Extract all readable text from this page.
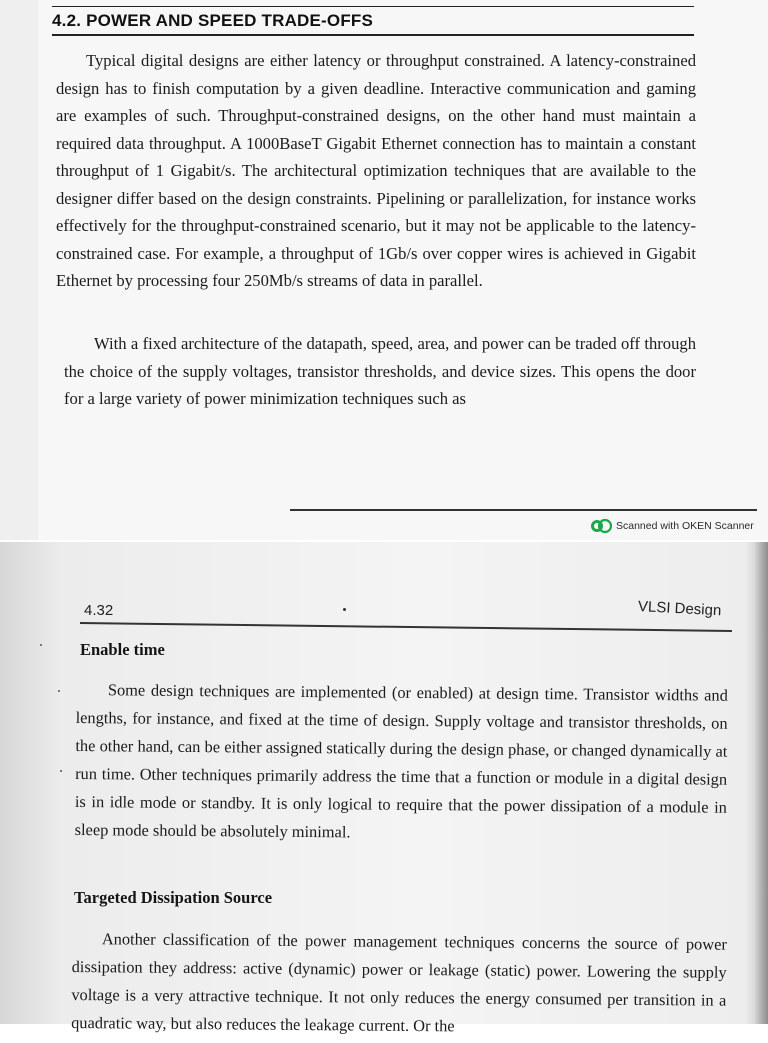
4.2. POWER AND SPEED TRADE-OFFS

Typical digital designs are either latency or throughput constrained. A latency-constrained design has to finish computation by a given deadline. Interactive communication and gaming are examples of such. Throughput-constrained designs, on the other hand must maintain a required data throughput. A 1000BaseT Gigabit Ethernet connection has to maintain a constant throughput of 1 Gigabit/s. The architectural optimization techniques that are available to the designer differ based on the design constraints. Pipelining or parallelization, for instance works effectively for the throughput-constrained scenario, but it may not be applicable to the latency-constrained case. For example, a throughput of 1Gb/s over copper wires is achieved in Gigabit Ethernet by processing four 250Mb/s streams of data in parallel.

With a fixed architecture of the datapath, speed, area, and power can be traded off through the choice of the supply voltages, transistor thresholds, and device sizes. This opens the door for a large variety of power minimization techniques such as

Scanned with OKEN Scanner
4.32	VLSI Design
Enable time

Some design techniques are implemented (or enabled) at design time. Transistor widths and lengths, for instance, and fixed at the time of design. Supply voltage and transistor thresholds, on the other hand, can be either assigned statically during the design phase, or changed dynamically at run time. Other techniques primarily address the time that a function or module in a digital design is in idle mode or standby. It is only logical to require that the power dissipation of a module in sleep mode should be absolutely minimal.

Targeted Dissipation Source

Another classification of the power management techniques concerns the source of power dissipation they address: active (dynamic) power or leakage (static) power. Lowering the supply voltage is a very attractive technique. It not only reduces the energy consumed per transition in a quadratic way, but also reduces the leakage current. Or the
